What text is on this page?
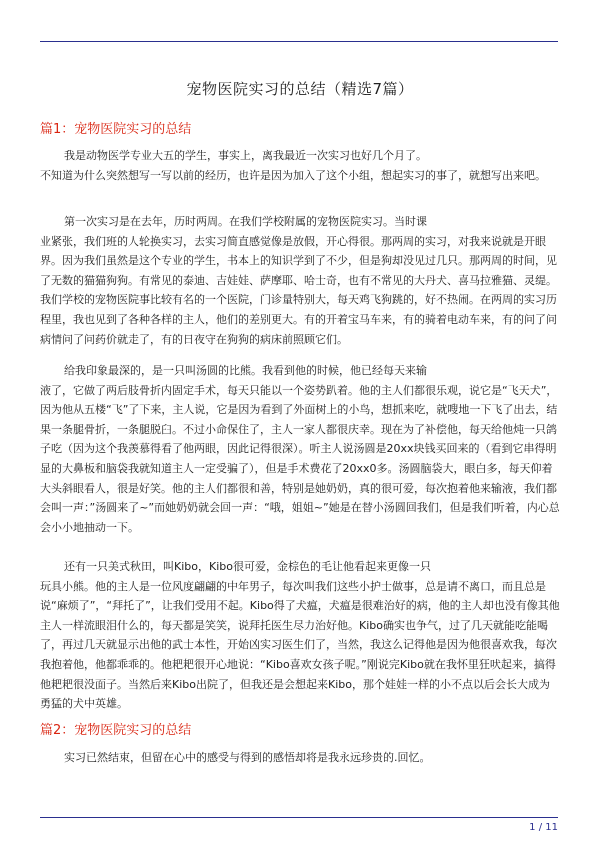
宠物医院实习的总结（精选7篇）
篇1：宠物医院实习的总结
我是动物医学专业大五的学生，事实上，离我最近一次实习也好几个月了。
不知道为什么突然想写一写以前的经历，也许是因为加入了这个小组，想起实习的事了，就想写出来吧。
第一次实习是在去年，历时两周。在我们学校附属的宠物医院实习。当时课
业紧张，我们班的人轮换实习，去实习简直感觉像是放假，开心得很。那两周的实习，对我来说就是开眼界。因为我们虽然是这个专业的学生，书本上的知识学到了不少，但是狗却没见过几只。那两周的时间，见了无数的猫猫狗狗。有常见的泰迪、吉娃娃、萨摩耶、哈士奇，也有不常见的大丹犬、喜马拉雅猫、灵缇。我们学校的宠物医院事比较有名的一个医院，门诊量特别大，每天鸡飞狗跳的，好不热闹。在两周的实习历程里，我也见到了各种各样的主人，他们的差别更大。有的开着宝马车来，有的骑着电动车来，有的问了问病情问了问药价就走了，有的日夜守在狗狗的病床前照顾它们。
给我印象最深的，是一只叫汤圆的比熊。我看到他的时候，他已经每天来输
液了，它做了两后肢骨折内固定手术，每天只能以一个姿势趴着。他的主人们都很乐观，说它是“飞天犬”，因为他从五楼“飞”了下来，主人说，它是因为看到了外面树上的小鸟，想抓来吃，就嗖地一下飞了出去，结果一条腿骨折，一条腿脱臼。不过小命保住了，主人一家人都很庆幸。现在为了补偿他，每天给他炖一只鸽子吃（因为这个我羡慕得看了他两眼，因此记得很深）。听主人说汤圆是20xx块钱买回来的（看到它串得明显的大鼻板和脑袋我就知道主人一定受骗了），但是手术费花了20xx0多。汤圆脑袋大，眼白多，每天仰着大头斜眼看人，很是好笑。他的主人们都很和善，特别是她奶奶，真的很可爱，每次抱着他来输液，我们都会叫一声：”汤圆来了~”而她奶奶就会回一声：“哦，姐姐~”她是在替小汤圆回我们，但是我们听着，内心总会小小地抽动一下。
还有一只美式秋田，叫Kibo，Kibo很可爱，金棕色的毛让他看起来更像一只
玩具小熊。他的主人是一位风度翩翩的中年男子，每次叫我们这些小护士做事，总是请不离口，而且总是说“麻烦了”，“拜托了”，让我们受用不起。Kibo得了犬瘟，犬瘟是很难治好的病，他的主人却也没有像其他主人一样流眼泪什么的，每天都是笑笑，说拜托医生尽力治好他。Kibo确实也争气，过了几天就能吃能喝了，再过几天就显示出他的武士本性，开始凶实习医生们了，当然，我这么记得他是因为他很喜欢我，每次我抱着他，他都乖乖的。他耙耙很开心地说：“Kibo喜欢女孩子呢。”刚说完Kibo就在我怀里狂吠起来，搞得他耙耙很没面子。当然后来Kibo出院了，但我还是会想起来Kibo，那个娃娃一样的小不点以后会长大成为勇猛的犬中英雄。
篇2：宠物医院实习的总结
实习已然结束，但留在心中的感受与得到的感悟却将是我永远珍贵的.回忆。
1 / 11
